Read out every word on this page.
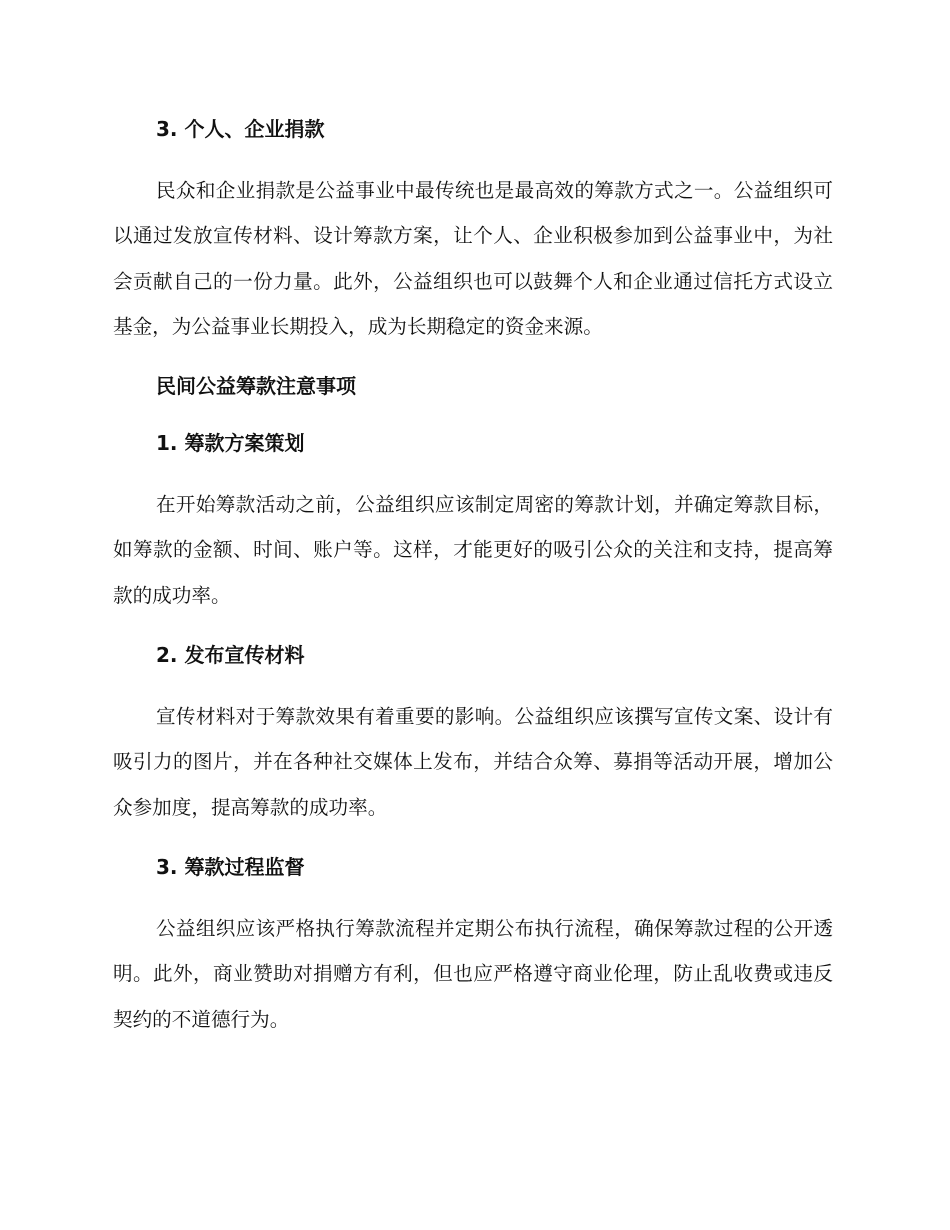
3. 个人、企业捐款

民众和企业捐款是公益事业中最传统也是最高效的筹款方式之一。公益组织可以通过发放宣传材料、设计筹款方案，让个人、企业积极参加到公益事业中，为社会贡献自己的一份力量。此外，公益组织也可以鼓舞个人和企业通过信托方式设立基金，为公益事业长期投入，成为长期稳定的资金来源。

民间公益筹款注意事项
1. 筹款方案策划

在开始筹款活动之前，公益组织应该制定周密的筹款计划，并确定筹款目标，如筹款的金额、时间、账户等。这样，才能更好的吸引公众的关注和支持，提高筹款的成功率。

2. 发布宣传材料

宣传材料对于筹款效果有着重要的影响。公益组织应该撰写宣传文案、设计有吸引力的图片，并在各种社交媒体上发布，并结合众筹、募捐等活动开展，增加公众参加度，提高筹款的成功率。

3. 筹款过程监督

公益组织应该严格执行筹款流程并定期公布执行流程，确保筹款过程的公开透明。此外，商业赞助对捐赠方有利，但也应严格遵守商业伦理，防止乱收费或违反契约的不道德行为。
